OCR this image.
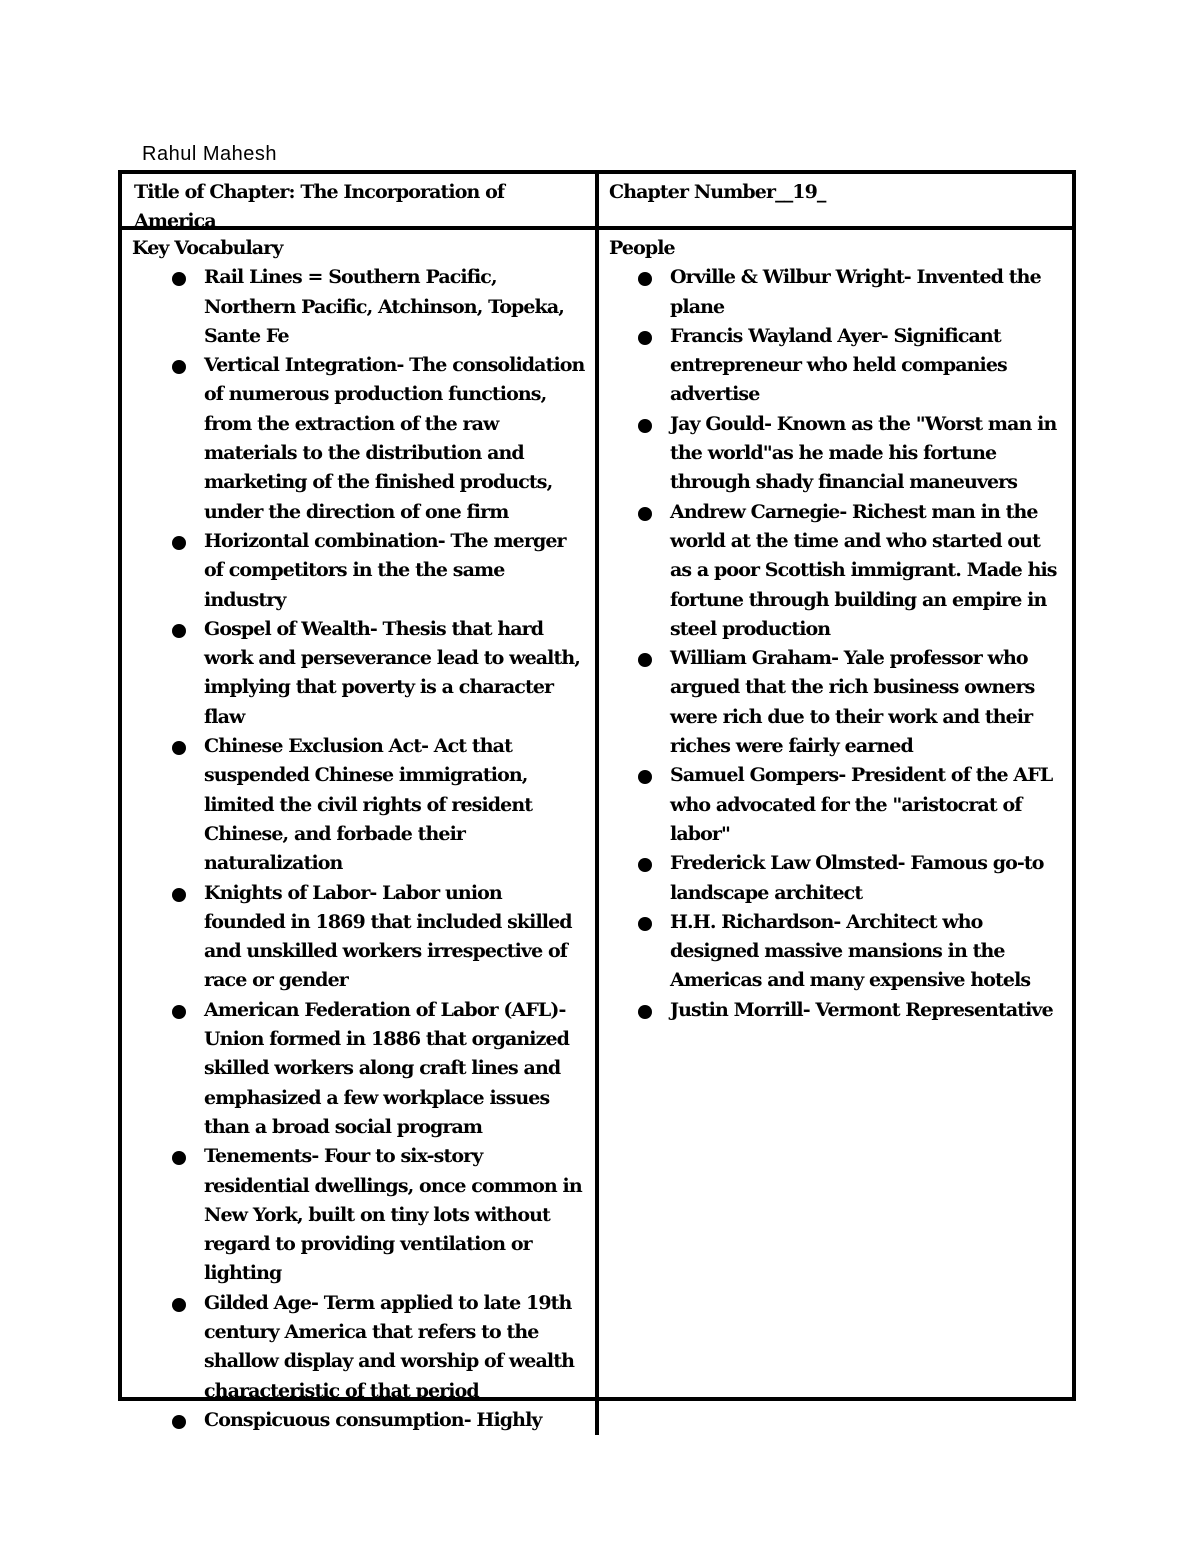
Rahul Mahesh
Title of Chapter: The Incorporation of America
Chapter Number__19_
Key Vocabulary
Rail Lines = Southern Pacific, Northern Pacific, Atchinson, Topeka, Sante Fe
Vertical Integration- The consolidation of numerous production functions, from the extraction of the raw materials to the distribution and marketing of the finished products, under the direction of one firm
Horizontal combination- The merger of competitors in the the same industry
Gospel of Wealth- Thesis that hard work and perseverance lead to wealth, implying that poverty is a character flaw
Chinese Exclusion Act- Act that suspended Chinese immigration, limited the civil rights of resident Chinese, and forbade their naturalization
Knights of Labor- Labor union founded in 1869 that included skilled and unskilled workers irrespective of race or gender
American Federation of Labor (AFL)- Union formed in 1886 that organized skilled workers along craft lines and emphasized a few workplace issues than a broad social program
Tenements- Four to six-story residential dwellings, once common in New York, built on tiny lots without regard to providing ventilation or lighting
Gilded Age- Term applied to late 19th century America that refers to the shallow display and worship of wealth characteristic of that period
Conspicuous consumption- Highly
People
Orville & Wilbur Wright- Invented the plane
Francis Wayland Ayer- Significant entrepreneur who held companies advertise
Jay Gould- Known as the "Worst man in the world"as he made his fortune through shady financial maneuvers
Andrew Carnegie- Richest man in the world at the time and who started out as a poor Scottish immigrant. Made his fortune through building an empire in steel production
William Graham- Yale professor who argued that the rich business owners were rich due to their work and their riches were fairly earned
Samuel Gompers- President of the AFL who advocated for the "aristocrat of labor"
Frederick Law Olmsted- Famous go-to landscape architect
H.H. Richardson- Architect who designed massive mansions in the Americas and many expensive hotels
Justin Morrill- Vermont Representative
